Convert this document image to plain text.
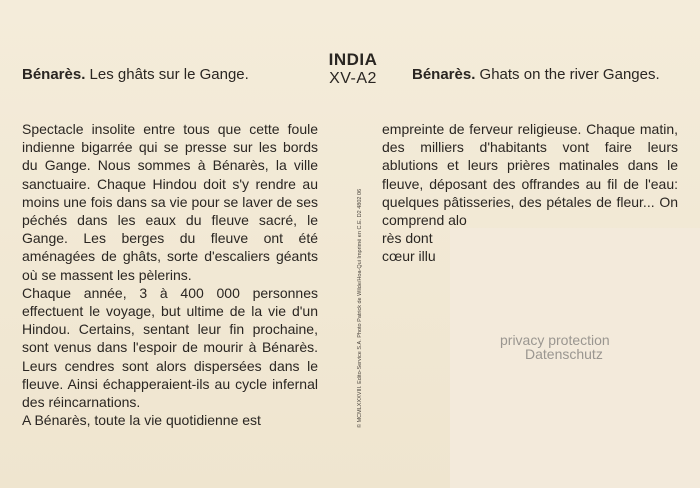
Bénarès. Les ghâts sur le Gange.
INDIA
XV-A2	Bénarès. Ghats on the river Ganges.

Spectacle insolite entre tous que cette foule indienne bigarrée qui se presse sur les bords du Gange. Nous sommes à Bénarès, la ville sanctuaire. Chaque Hindou doit s'y rendre au moins une fois dans sa vie pour se laver de ses péchés dans les eaux du fleuve sacré, le Gange. Les berges du fleuve ont été aménagées de ghâts, sorte d'escaliers géants où se massent les pèlerins.

Chaque année, 3 à 400 000 personnes effectuent le voyage, but ultime de la vie d'un Hindou. Certains, sentant leur fin prochaine, sont venus dans l'espoir de mourir à Bénarès. Leurs cendres sont alors dispersées dans le fleuve. Ainsi échapperaient-ils au cycle infernal des réincarnations.

A Bénarès, toute la vie quotidienne est	© MCMLXXXVIII. Edito-Service S.A. Photo Patrick de Wilde/Hoa-Qui Imprimé en C.E. D2 4802 06

empreinte de ferveur religieuse. Chaque matin, des milliers d'habitants vont faire leurs ablutions et leurs prières matinales dans le fleuve, déposant des offrandes au fil de l'eau: quelques pâtisseries, des pétales de fleur... On comprend alo

rès dont

cœur illu

privacy protection
Datenschutz
